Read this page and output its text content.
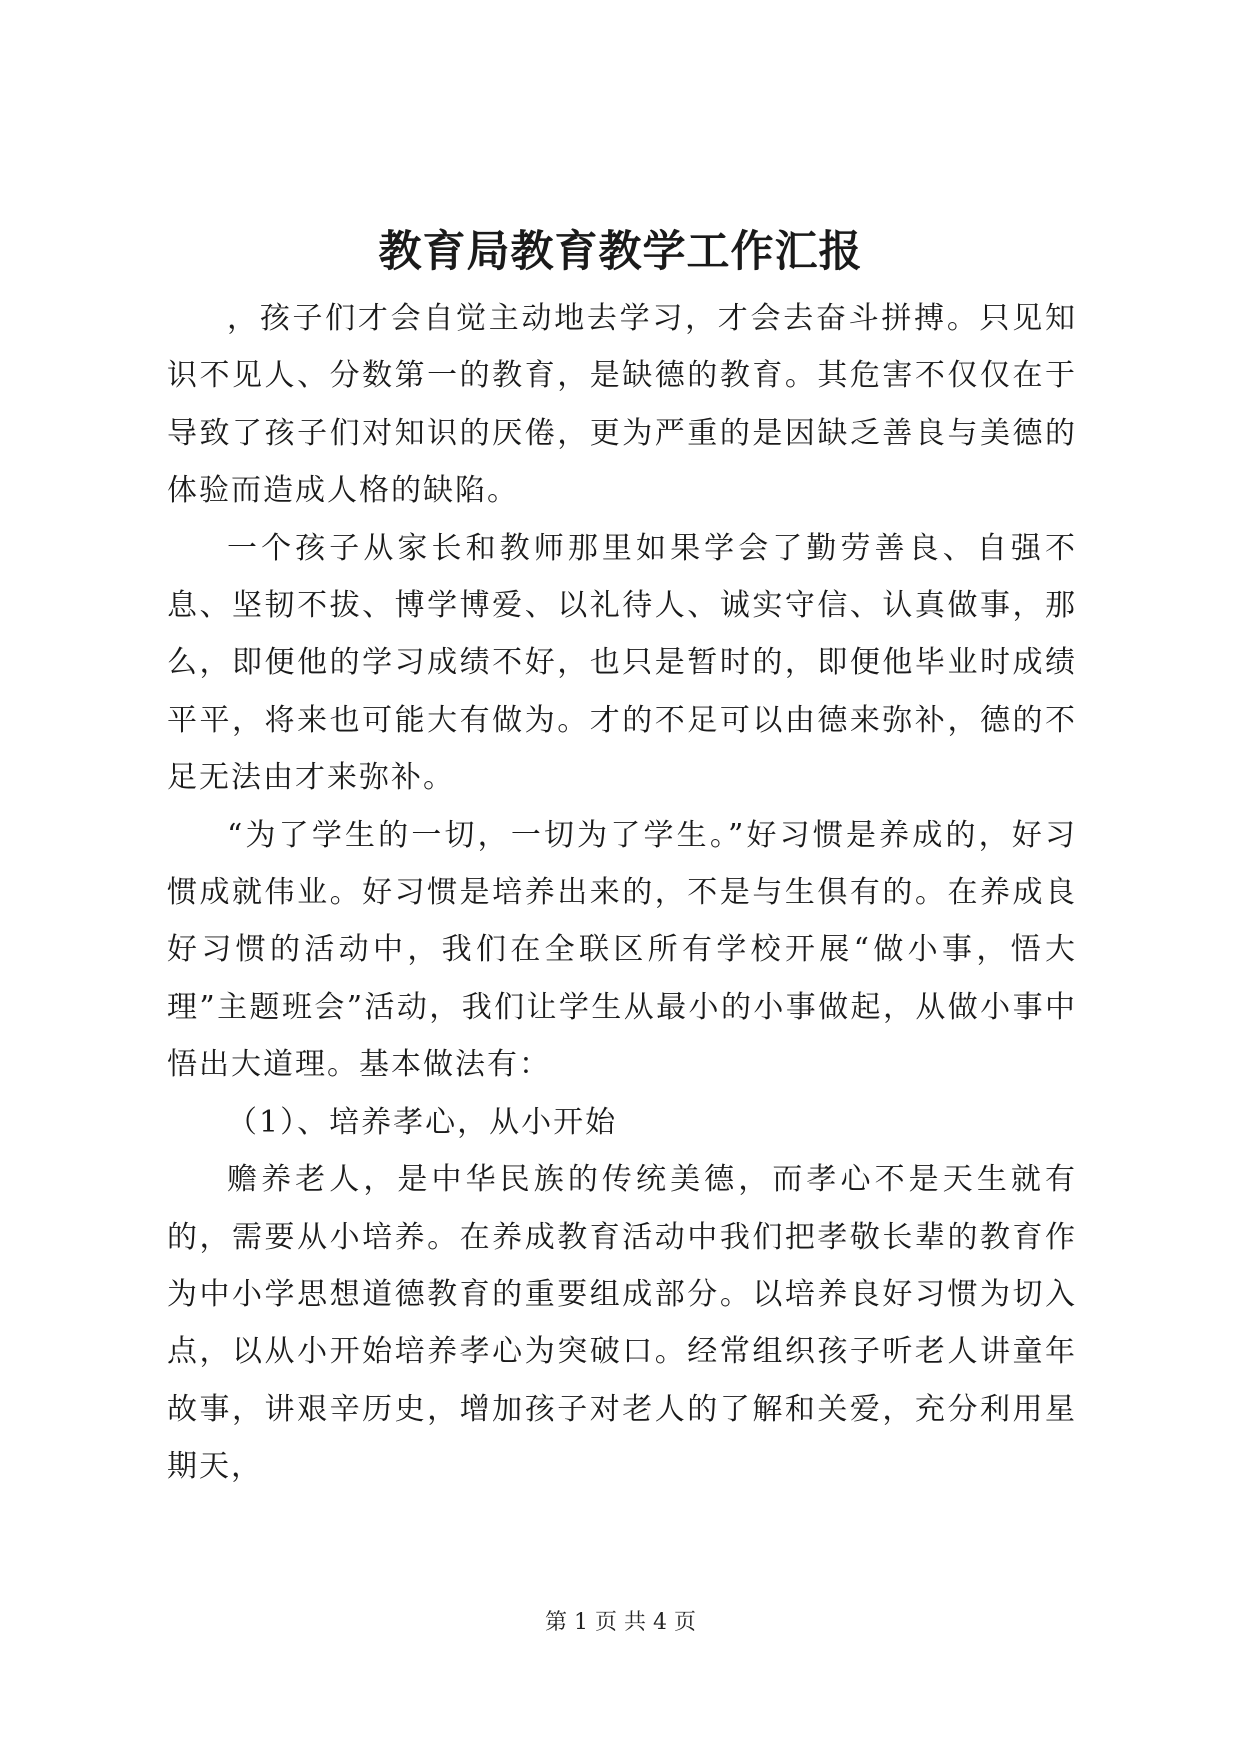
教育局教育教学工作汇报

，孩子们才会自觉主动地去学习，才会去奋斗拼搏。只见知识不见人、分数第一的教育，是缺德的教育。其危害不仅仅在于导致了孩子们对知识的厌倦，更为严重的是因缺乏善良与美德的体验而造成人格的缺陷。

一个孩子从家长和教师那里如果学会了勤劳善良、自强不息、坚韧不拔、博学博爱、以礼待人、诚实守信、认真做事，那么，即便他的学习成绩不好，也只是暂时的，即便他毕业时成绩平平，将来也可能大有做为。才的不足可以由德来弥补，德的不足无法由才来弥补。

“为了学生的一切，一切为了学生。”好习惯是养成的，好习惯成就伟业。好习惯是培养出来的，不是与生俱有的。在养成良好习惯的活动中，我们在全联区所有学校开展“做小事，悟大理”主题班会”活动，我们让学生从最小的小事做起，从做小事中悟出大道理。基本做法有：

（1）、培养孝心，从小开始

赡养老人，是中华民族的传统美德，而孝心不是天生就有的，需要从小培养。在养成教育活动中我们把孝敬长辈的教育作为中小学思想道德教育的重要组成部分。以培养良好习惯为切入点，以从小开始培养孝心为突破口。经常组织孩子听老人讲童年故事，讲艰辛历史，增加孩子对老人的了解和关爱，充分利用星期天，

第 1 页 共 4 页
